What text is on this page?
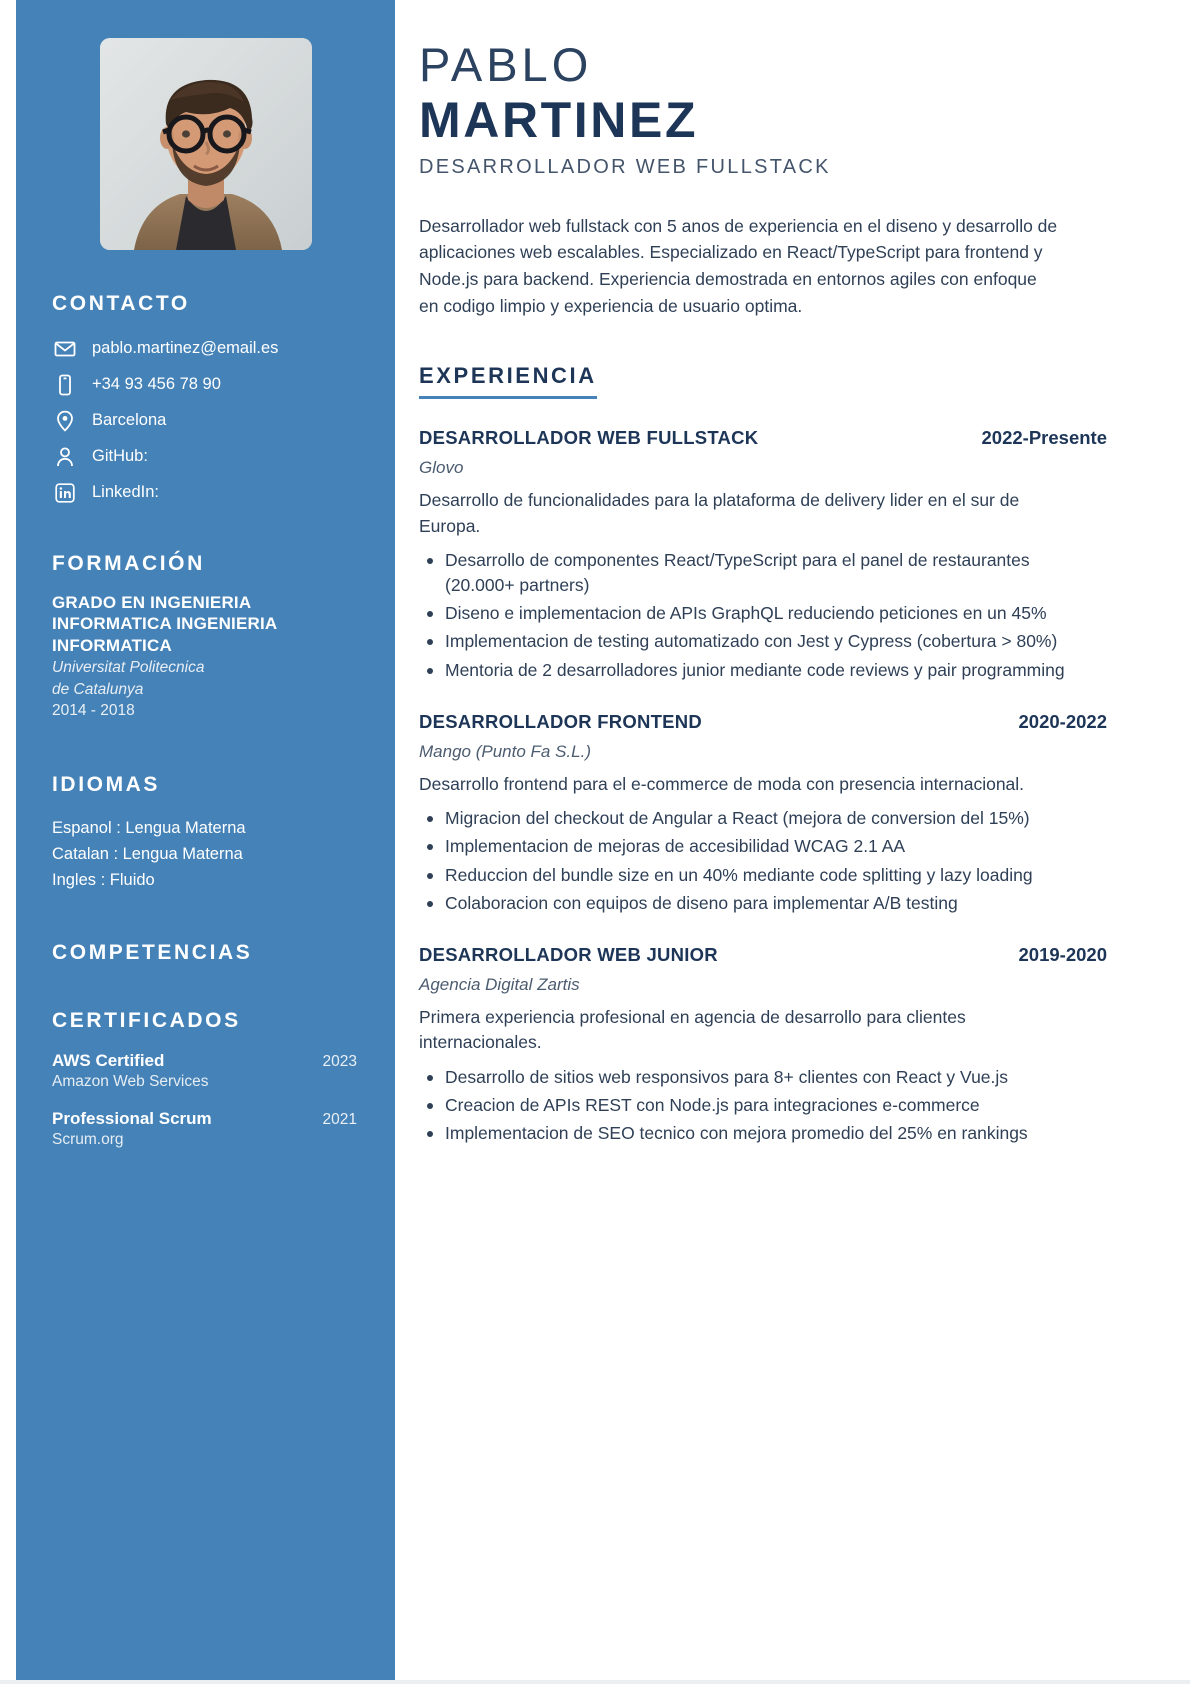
CONTACTO
pablo.martinez@email.es
+34 93 456 78 90
Barcelona
GitHub:
LinkedIn:
FORMACIÓN
GRADO EN INGENIERIA INFORMATICA INGENIERIA INFORMATICA
Universitat Politecnica
de Catalunya
2014 - 2018
IDIOMAS
Espanol : Lengua Materna
Catalan : Lengua Materna
Ingles : Fluido
COMPETENCIAS
CERTIFICADOS
AWS Certified	2023
Amazon Web Services
Professional Scrum	2021
Scrum.org
PABLO
MARTINEZ
DESARROLLADOR WEB FULLSTACK

Desarrollador web fullstack con 5 anos de experiencia en el diseno y desarrollo de aplicaciones web escalables. Especializado en React/TypeScript para frontend y Node.js para backend. Experiencia demostrada en entornos agiles con enfoque en codigo limpio y experiencia de usuario optima.

EXPERIENCIA
DESARROLLADOR WEB FULLSTACK	2022-Presente
Glovo
Desarrollo de funcionalidades para la plataforma de delivery lider en el sur de Europa.
Desarrollo de componentes React/TypeScript para el panel de restaurantes (20.000+ partners)
Diseno e implementacion de APIs GraphQL reduciendo peticiones en un 45%
Implementacion de testing automatizado con Jest y Cypress (cobertura > 80%)
Mentoria de 2 desarrolladores junior mediante code reviews y pair programming
DESARROLLADOR FRONTEND	2020-2022
Mango (Punto Fa S.L.)
Desarrollo frontend para el e-commerce de moda con presencia internacional.
Migracion del checkout de Angular a React (mejora de conversion del 15%)
Implementacion de mejoras de accesibilidad WCAG 2.1 AA
Reduccion del bundle size en un 40% mediante code splitting y lazy loading
Colaboracion con equipos de diseno para implementar A/B testing
DESARROLLADOR WEB JUNIOR	2019-2020
Agencia Digital Zartis
Primera experiencia profesional en agencia de desarrollo para clientes internacionales.
Desarrollo de sitios web responsivos para 8+ clientes con React y Vue.js
Creacion de APIs REST con Node.js para integraciones e-commerce
Implementacion de SEO tecnico con mejora promedio del 25% en rankings
